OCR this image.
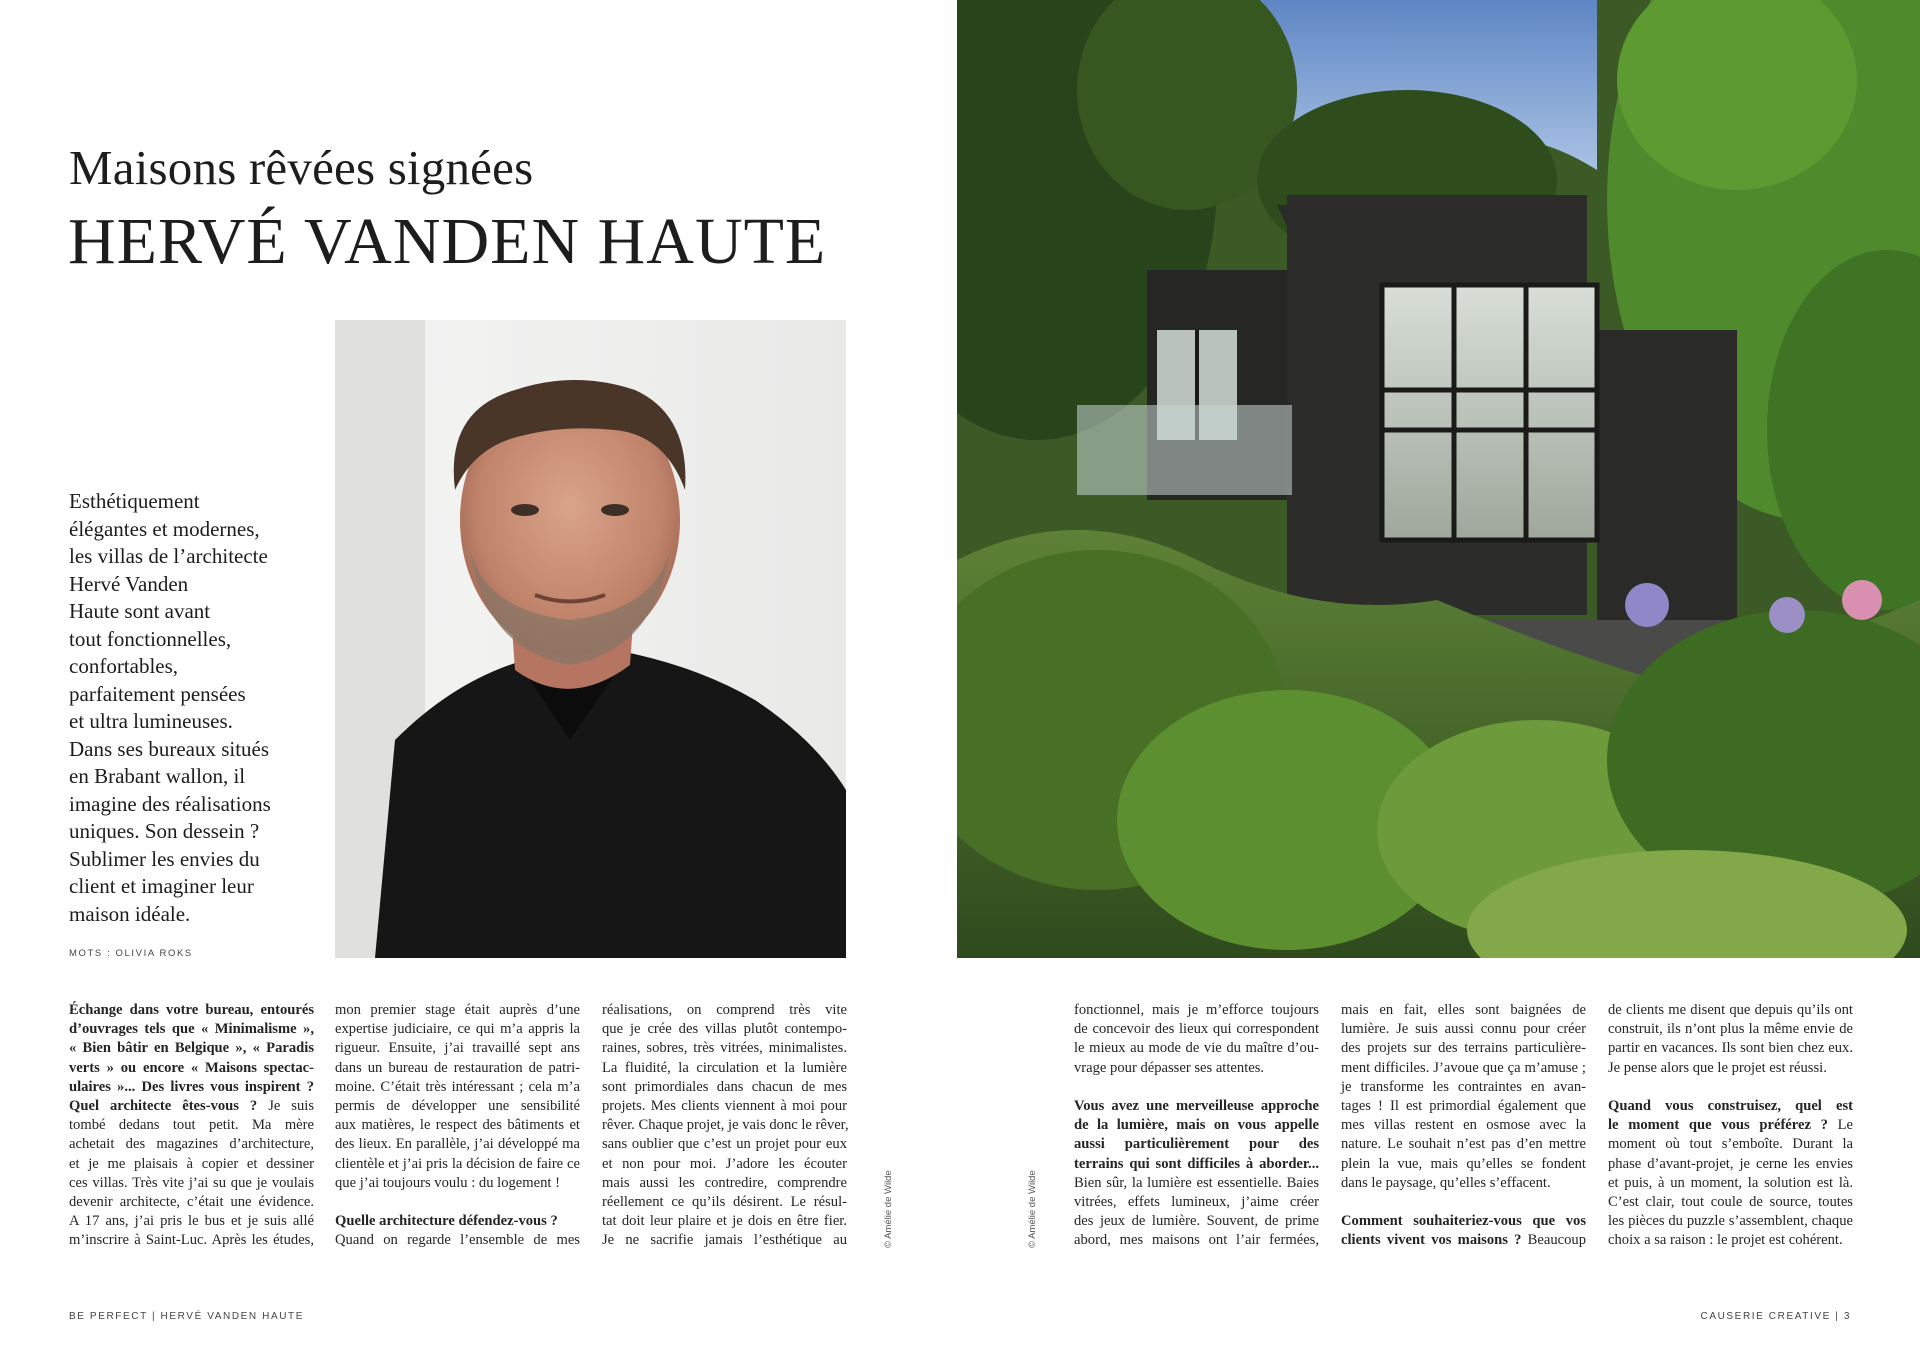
Maisons rêvées signées
HERVÉ VANDEN HAUTE

Esthétiquement

élégantes et modernes,

les villas de l’architecte

Hervé Vanden

Haute sont avant

tout fonctionnelles,

confortables,

parfaitement pensées

et ultra lumineuses.

Dans ses bureaux situés

en Brabant wallon, il

imagine des réalisations

uniques. Son dessein ?

Sublimer les envies du

client et imaginer leur

maison idéale.

MOTS : OLIVIA ROKS

Échange dans votre bureau, entourés

d’ouvrages tels que « Minimalisme »,

« Bien bâtir en Belgique », « Paradis

verts » ou encore « Maisons spectac-

ulaires »... Des livres vous inspirent ?

Quel architecte êtes-vous ? Je suis

tombé dedans tout petit. Ma mère

achetait des magazines d’architecture,

et je me plaisais à copier et dessiner

ces villas. Très vite j’ai su que je voulais

devenir architecte, c’était une évidence.

A 17 ans, j’ai pris le bus et je suis allé

m’inscrire à Saint-Luc. Après les études,

mon premier stage était auprès d’une

expertise judiciaire, ce qui m’a appris la

rigueur. Ensuite, j’ai travaillé sept ans

dans un bureau de restauration de patri-

moine. C’était très intéressant ; cela m’a

permis de développer une sensibilité

aux matières, le respect des bâtiments et

des lieux. En parallèle, j’ai développé ma

clientèle et j’ai pris la décision de faire ce

que j’ai toujours voulu : du logement !

Quelle architecture défendez-vous ?

Quand on regarde l’ensemble de mes

réalisations, on comprend très vite

que je crée des villas plutôt contempo-

raines, sobres, très vitrées, minimalistes.

La fluidité, la circulation et la lumière

sont primordiales dans chacun de mes

projets. Mes clients viennent à moi pour

rêver. Chaque projet, je vais donc le rêver,

sans oublier que c’est un projet pour eux

et non pour moi. J’adore les écouter

mais aussi les contredire, comprendre

réellement ce qu’ils désirent. Le résul-

tat doit leur plaire et je dois en être fier.

Je ne sacrifie jamais l’esthétique au	© Amélie de Wilde	© Amélie de Wilde

fonctionnel, mais je m’efforce toujours

de concevoir des lieux qui correspondent

le mieux au mode de vie du maître d’ou-

vrage pour dépasser ses attentes.

Vous avez une merveilleuse approche

de la lumière, mais on vous appelle

aussi particulièrement pour des

terrains qui sont difficiles à aborder...

Bien sûr, la lumière est essentielle. Baies

vitrées, effets lumineux, j’aime créer

des jeux de lumière. Souvent, de prime

abord, mes maisons ont l’air fermées,

mais en fait, elles sont baignées de

lumière. Je suis aussi connu pour créer

des projets sur des terrains particulière-

ment difficiles. J’avoue que ça m’amuse ;

je transforme les contraintes en avan-

tages ! Il est primordial également que

mes villas restent en osmose avec la

nature. Le souhait n’est pas d’en mettre

plein la vue, mais qu’elles se fondent

dans le paysage, qu’elles s’effacent.

Comment souhaiteriez-vous que vos

clients vivent vos maisons ? Beaucoup

de clients me disent que depuis qu’ils ont

construit, ils n’ont plus la même envie de

partir en vacances. Ils sont bien chez eux.

Je pense alors que le projet est réussi.

Quand vous construisez, quel est

le moment que vous préférez ? Le

moment où tout s’emboîte. Durant la

phase d’avant-projet, je cerne les envies

et puis, à un moment, la solution est là.

C’est clair, tout coule de source, toutes

les pièces du puzzle s’assemblent, chaque

choix a sa raison : le projet est cohérent.

BE PERFECT | HERVÉ VANDEN HAUTE	CAUSERIE CREATIVE | 3
